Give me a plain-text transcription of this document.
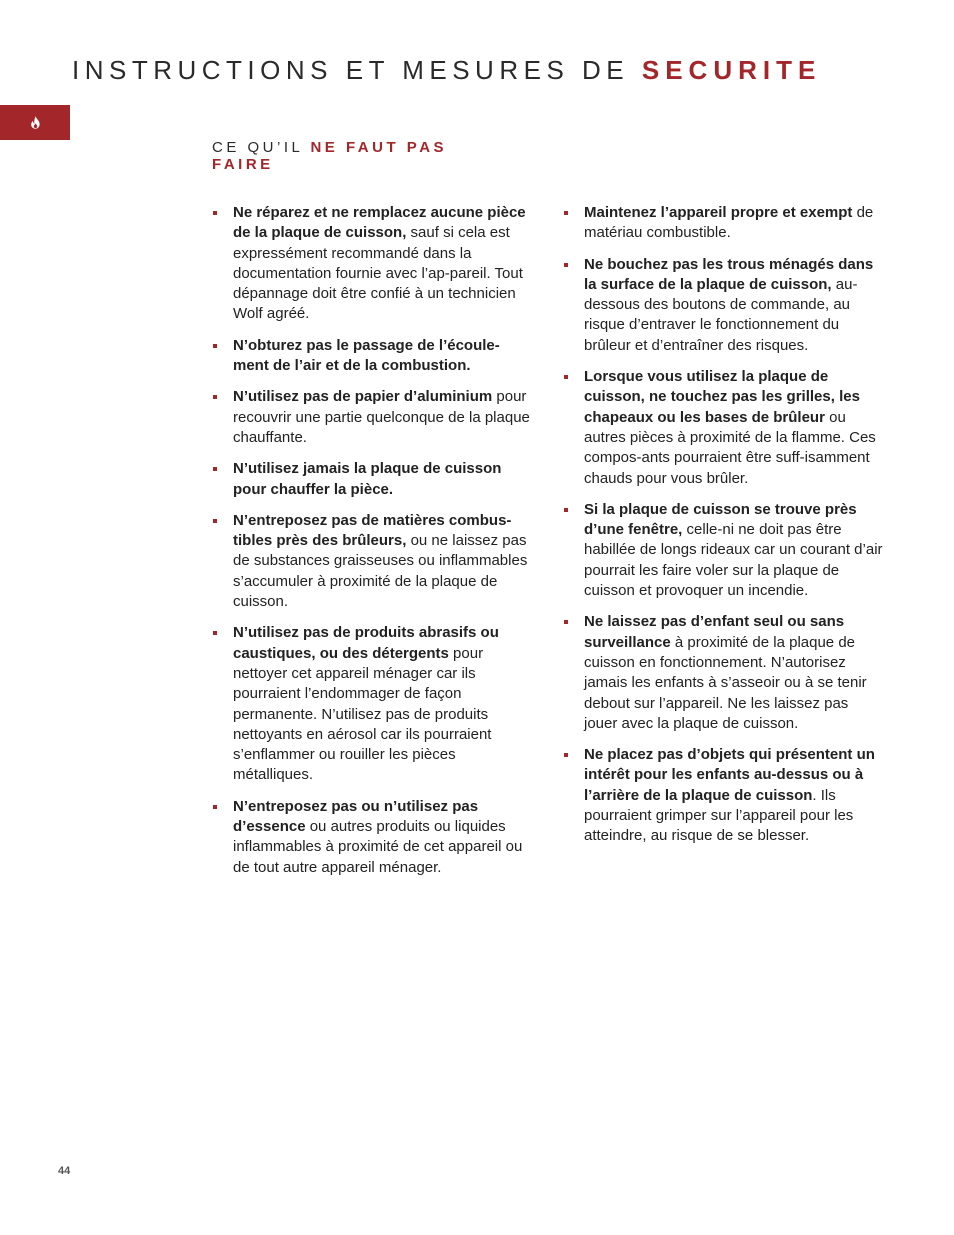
INSTRUCTIONS ET MESURES DE SECURITE
CE QU’IL NE FAUT PAS FAIRE
Ne réparez et ne remplacez aucune pièce de la plaque de cuisson, sauf si cela est expressément recommandé dans la documentation fournie avec l’ap-pareil. Tout dépannage doit être confié à un technicien Wolf agréé.
N’obturez pas le passage de l’écoule-ment de l’air et de la combustion.
N’utilisez pas de papier d’aluminium pour recouvrir une partie quelconque de la plaque chauffante.
N’utilisez jamais la plaque de cuisson pour chauffer la pièce.
N’entreposez pas de matières combus-tibles près des brûleurs, ou ne laissez pas de substances graisseuses ou inflammables s’accumuler à proximité de la plaque de cuisson.
N’utilisez pas de produits abrasifs ou caustiques, ou des détergents pour nettoyer cet appareil ménager car ils pourraient l’endommager de façon permanente. N’utilisez pas de produits nettoyants en aérosol car ils pourraient s’enflammer ou rouiller les pièces métalliques.
N’entreposez pas ou n’utilisez pas d’essence ou autres produits ou liquides inflammables à proximité de cet appareil ou de tout autre appareil ménager.
Maintenez l’appareil propre et exempt de matériau combustible.
Ne bouchez pas les trous ménagés dans la surface de la plaque de cuisson, au-dessous des boutons de commande, au risque d’entraver le fonctionnement du brûleur et d’entraîner des risques.
Lorsque vous utilisez la plaque de cuisson, ne touchez pas les grilles, les chapeaux ou les bases de brûleur ou autres pièces à proximité de la flamme. Ces compos-ants pourraient être suff-isamment chauds pour vous brûler.
Si la plaque de cuisson se trouve près d’une fenêtre, celle-ni ne doit pas être habillée de longs rideaux car un courant d’air pourrait les faire voler sur la plaque de cuisson et provoquer un incendie.
Ne laissez pas d’enfant seul ou sans surveillance à proximité de la plaque de cuisson en fonctionnement. N’autorisez jamais les enfants à s’asseoir ou à se tenir debout sur l’appareil. Ne les laissez pas jouer avec la plaque de cuisson.
Ne placez pas d’objets qui présentent un intérêt pour les enfants au-dessus ou à l’arrière de la plaque de cuisson. Ils pourraient grimper sur l’appareil pour les atteindre, au risque de se blesser.
44
